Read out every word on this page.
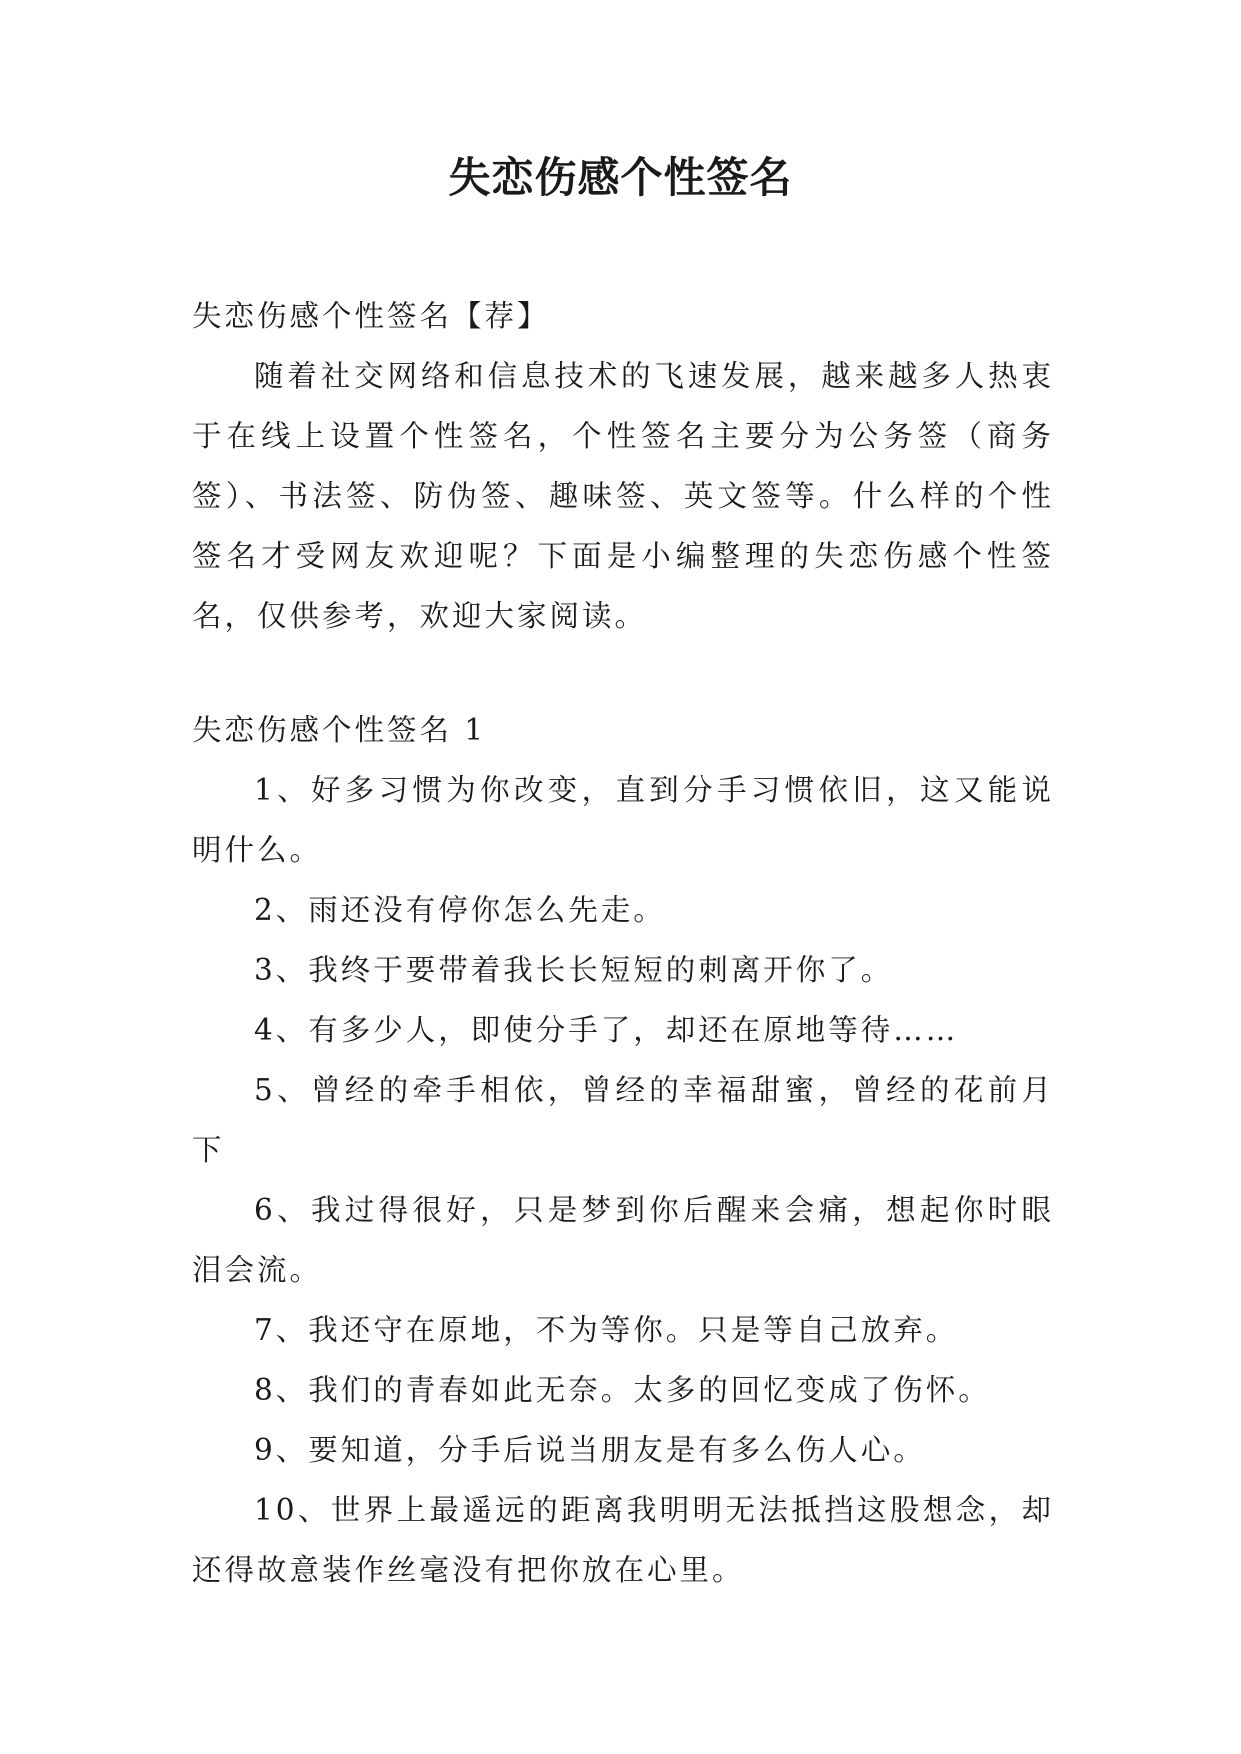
失恋伤感个性签名

失恋伤感个性签名【荐】

随着社交网络和信息技术的飞速发展，越来越多人热衷于在线上设置个性签名，个性签名主要分为公务签（商务签）、书法签、防伪签、趣味签、英文签等。什么样的个性签名才受网友欢迎呢？下面是小编整理的失恋伤感个性签名，仅供参考，欢迎大家阅读。

失恋伤感个性签名 1

1、好多习惯为你改变，直到分手习惯依旧，这又能说明什么。

2、雨还没有停你怎么先走。

3、我终于要带着我长长短短的刺离开你了。

4、有多少人，即使分手了，却还在原地等待……

5、曾经的牵手相依，曾经的幸福甜蜜，曾经的花前月下

6、我过得很好，只是梦到你后醒来会痛，想起你时眼泪会流。

7、我还守在原地，不为等你。只是等自己放弃。

8、我们的青春如此无奈。太多的回忆变成了伤怀。

9、要知道，分手后说当朋友是有多么伤人心。

10、世界上最遥远的距离我明明无法抵挡这股想念，却还得故意装作丝毫没有把你放在心里。
